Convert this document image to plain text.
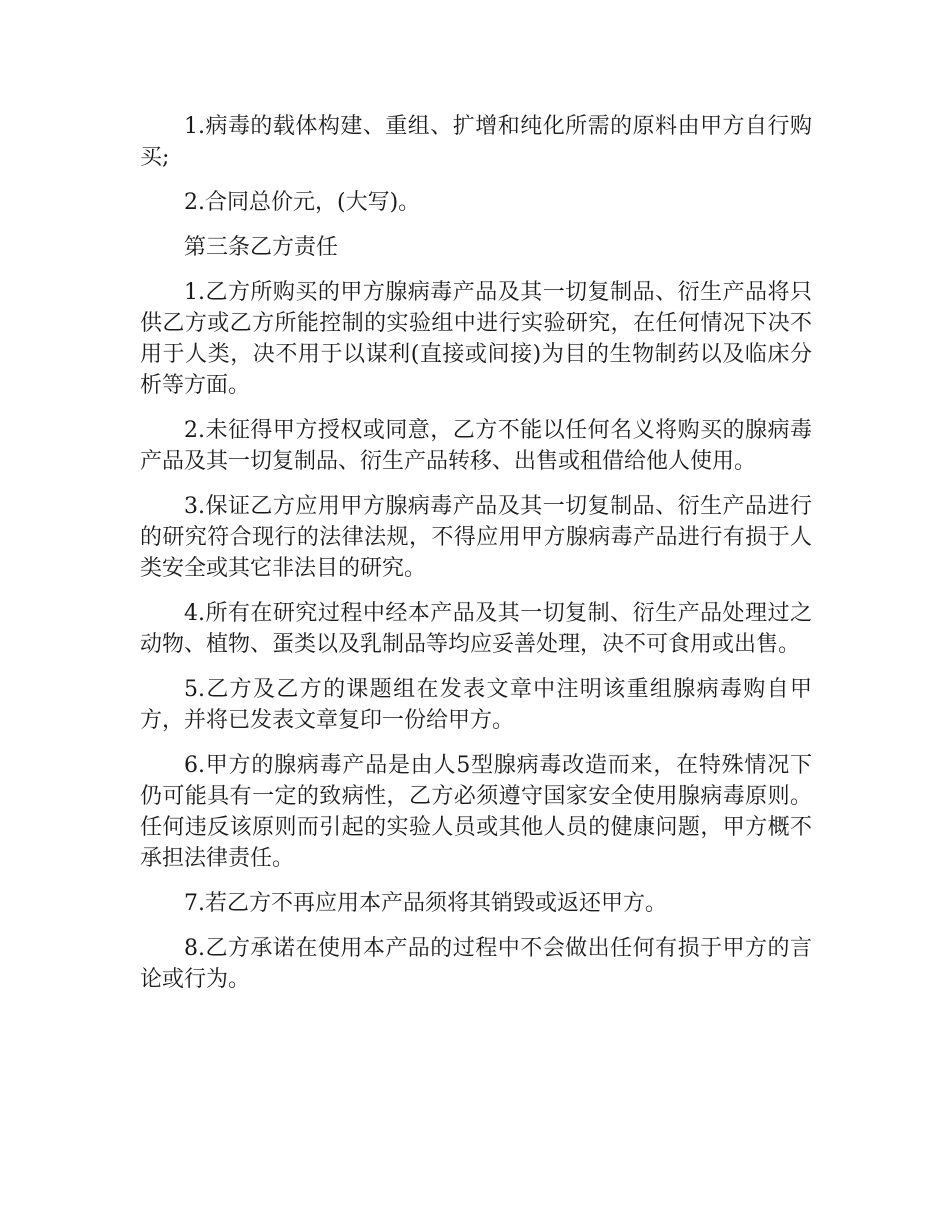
1.病毒的载体构建、重组、扩增和纯化所需的原料由甲方自行购买;

2.合同总价元，(大写)。

第三条乙方责任

1.乙方所购买的甲方腺病毒产品及其一切复制品、衍生产品将只供乙方或乙方所能控制的实验组中进行实验研究，在任何情况下决不用于人类，决不用于以谋利(直接或间接)为目的生物制药以及临床分析等方面。

2.未征得甲方授权或同意，乙方不能以任何名义将购买的腺病毒产品及其一切复制品、衍生产品转移、出售或租借给他人使用。

3.保证乙方应用甲方腺病毒产品及其一切复制品、衍生产品进行的研究符合现行的法律法规，不得应用甲方腺病毒产品进行有损于人类安全或其它非法目的研究。

4.所有在研究过程中经本产品及其一切复制、衍生产品处理过之动物、植物、蛋类以及乳制品等均应妥善处理，决不可食用或出售。

5.乙方及乙方的课题组在发表文章中注明该重组腺病毒购自甲方，并将已发表文章复印一份给甲方。

6.甲方的腺病毒产品是由人5型腺病毒改造而来，在特殊情况下仍可能具有一定的致病性，乙方必须遵守国家安全使用腺病毒原则。任何违反该原则而引起的实验人员或其他人员的健康问题，甲方概不承担法律责任。

7.若乙方不再应用本产品须将其销毁或返还甲方。

8.乙方承诺在使用本产品的过程中不会做出任何有损于甲方的言论或行为。
